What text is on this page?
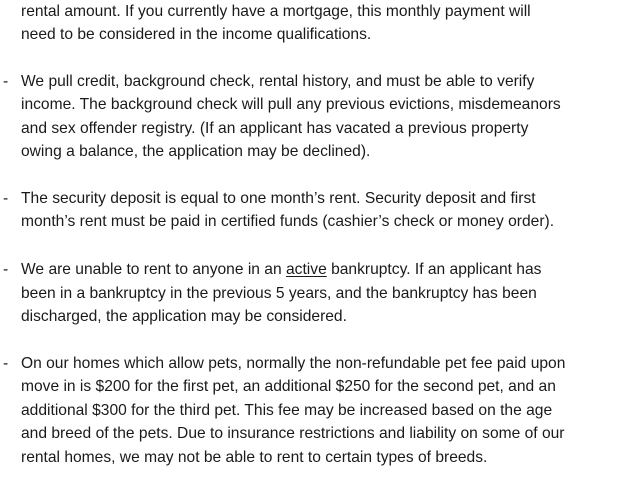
rental amount. If you currently have a mortgage, this monthly payment will
need to be considered in the income qualifications.
- We pull credit, background check, rental history, and must be able to verify
income. The background check will pull any previous evictions, misdemeanors
and sex offender registry. (If an applicant has vacated a previous property
owing a balance, the application may be declined).
- The security deposit is equal to one month’s rent. Security deposit and first
month’s rent must be paid in certified funds (cashier’s check or money order).
- We are unable to rent to anyone in an active bankruptcy. If an applicant has
been in a bankruptcy in the previous 5 years, and the bankruptcy has been
discharged, the application may be considered.
- On our homes which allow pets, normally the non-refundable pet fee paid upon
move in is $200 for the first pet, an additional $250 for the second pet, and an
additional $300 for the third pet. This fee may be increased based on the age
and breed of the pets. Due to insurance restrictions and liability on some of our
rental homes, we may not be able to rent to certain types of breeds.
